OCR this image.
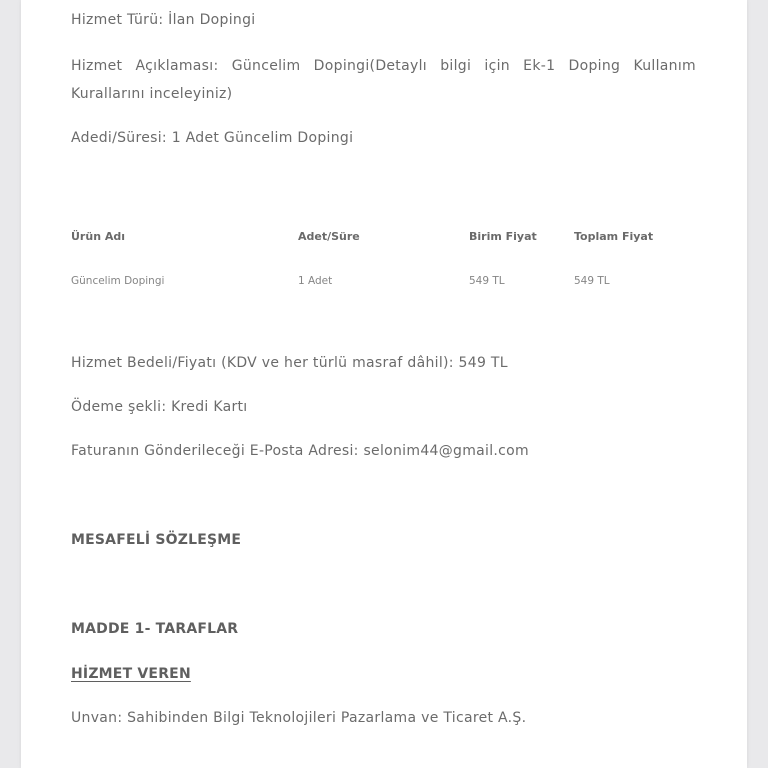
Hizmet Türü: İlan Dopingi

Hizmet Açıklaması: Güncelim Dopingi(Detaylı bilgi için Ek-1 Doping Kullanım Kurallarını inceleyiniz)

Adedi/Süresi: 1 Adet Güncelim Dopingi

Ürün Adı	Adet/Süre	Birim Fiyat	Toplam Fiyat

Güncelim Dopingi	1 Adet	549 TL	549 TL

Hizmet Bedeli/Fiyatı (KDV ve her türlü masraf dâhil): 549 TL

Ödeme şekli: Kredi Kartı

Faturanın Gönderileceği E-Posta Adresi: selonim44@gmail.com

MESAFELİ SÖZLEŞME

MADDE 1- TARAFLAR

HİZMET VEREN

Unvan: Sahibinden Bilgi Teknolojileri Pazarlama ve Ticaret A.Ş.
